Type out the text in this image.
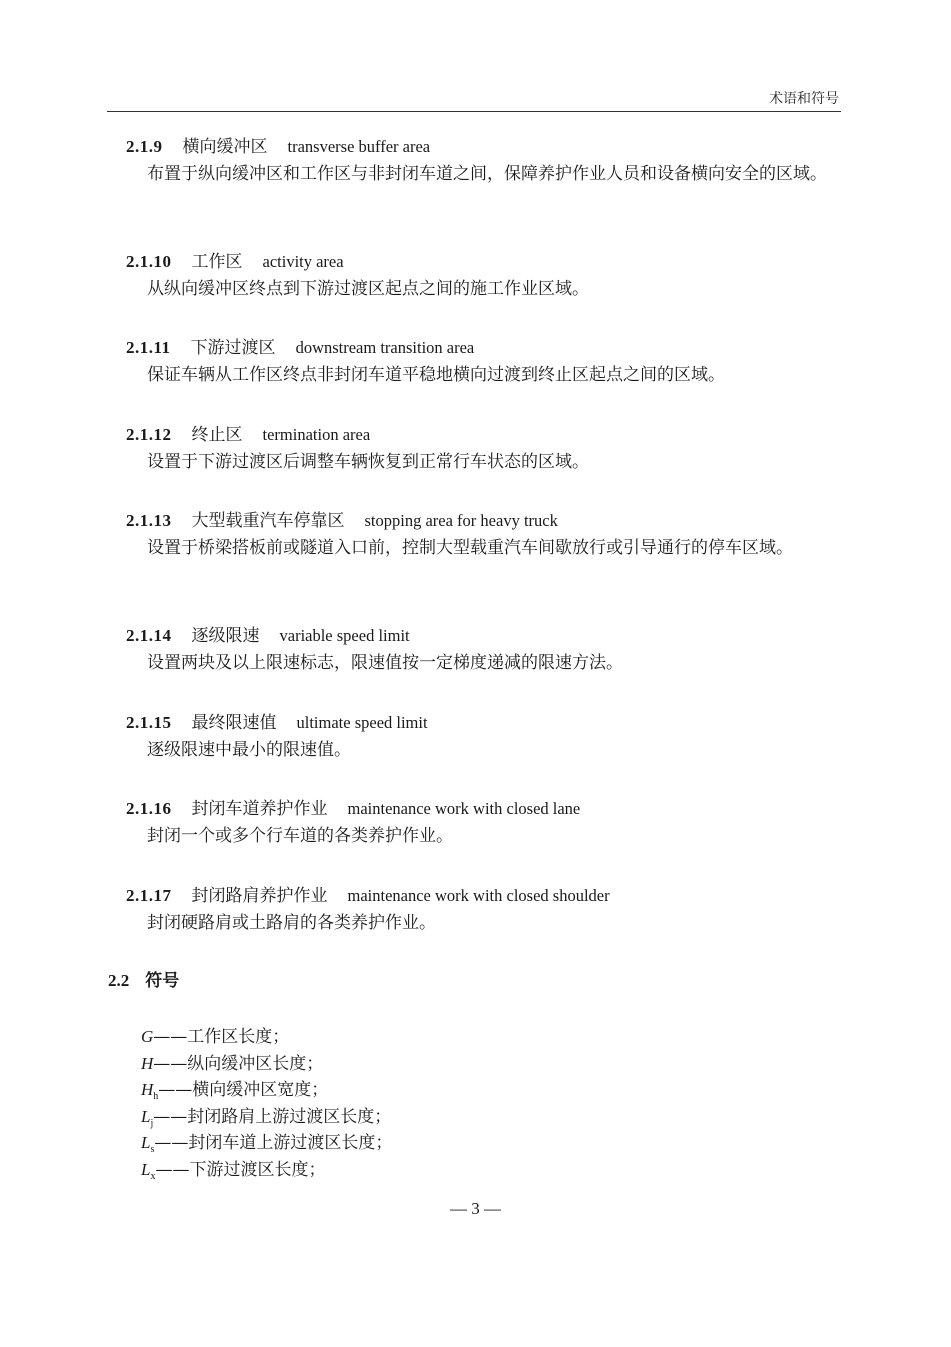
术语和符号
2.1.9 横向缓冲区 transverse buffer area
布置于纵向缓冲区和工作区与非封闭车道之间，保障养护作业人员和设备横向安全的区域。
2.1.10 工作区 activity area
从纵向缓冲区终点到下游过渡区起点之间的施工作业区域。
2.1.11 下游过渡区 downstream transition area
保证车辆从工作区终点非封闭车道平稳地横向过渡到终止区起点之间的区域。
2.1.12 终止区 termination area
设置于下游过渡区后调整车辆恢复到正常行车状态的区域。
2.1.13 大型载重汽车停靠区 stopping area for heavy truck
设置于桥梁搭板前或隧道入口前，控制大型载重汽车间歇放行或引导通行的停车区域。
2.1.14 逐级限速 variable speed limit
设置两块及以上限速标志，限速值按一定梯度递减的限速方法。
2.1.15 最终限速值 ultimate speed limit
逐级限速中最小的限速值。
2.1.16 封闭车道养护作业 maintenance work with closed lane
封闭一个或多个行车道的各类养护作业。
2.1.17 封闭路肩养护作业 maintenance work with closed shoulder
封闭硬路肩或土路肩的各类养护作业。
2.2 符号
G——工作区长度；
H——纵向缓冲区长度；
$H_h——$横向缓冲区宽度；
$L_j——$封闭路肩上游过渡区长度；
$L_s——$封闭车道上游过渡区长度；
$L_x——$下游过渡区长度；
— 3 —
